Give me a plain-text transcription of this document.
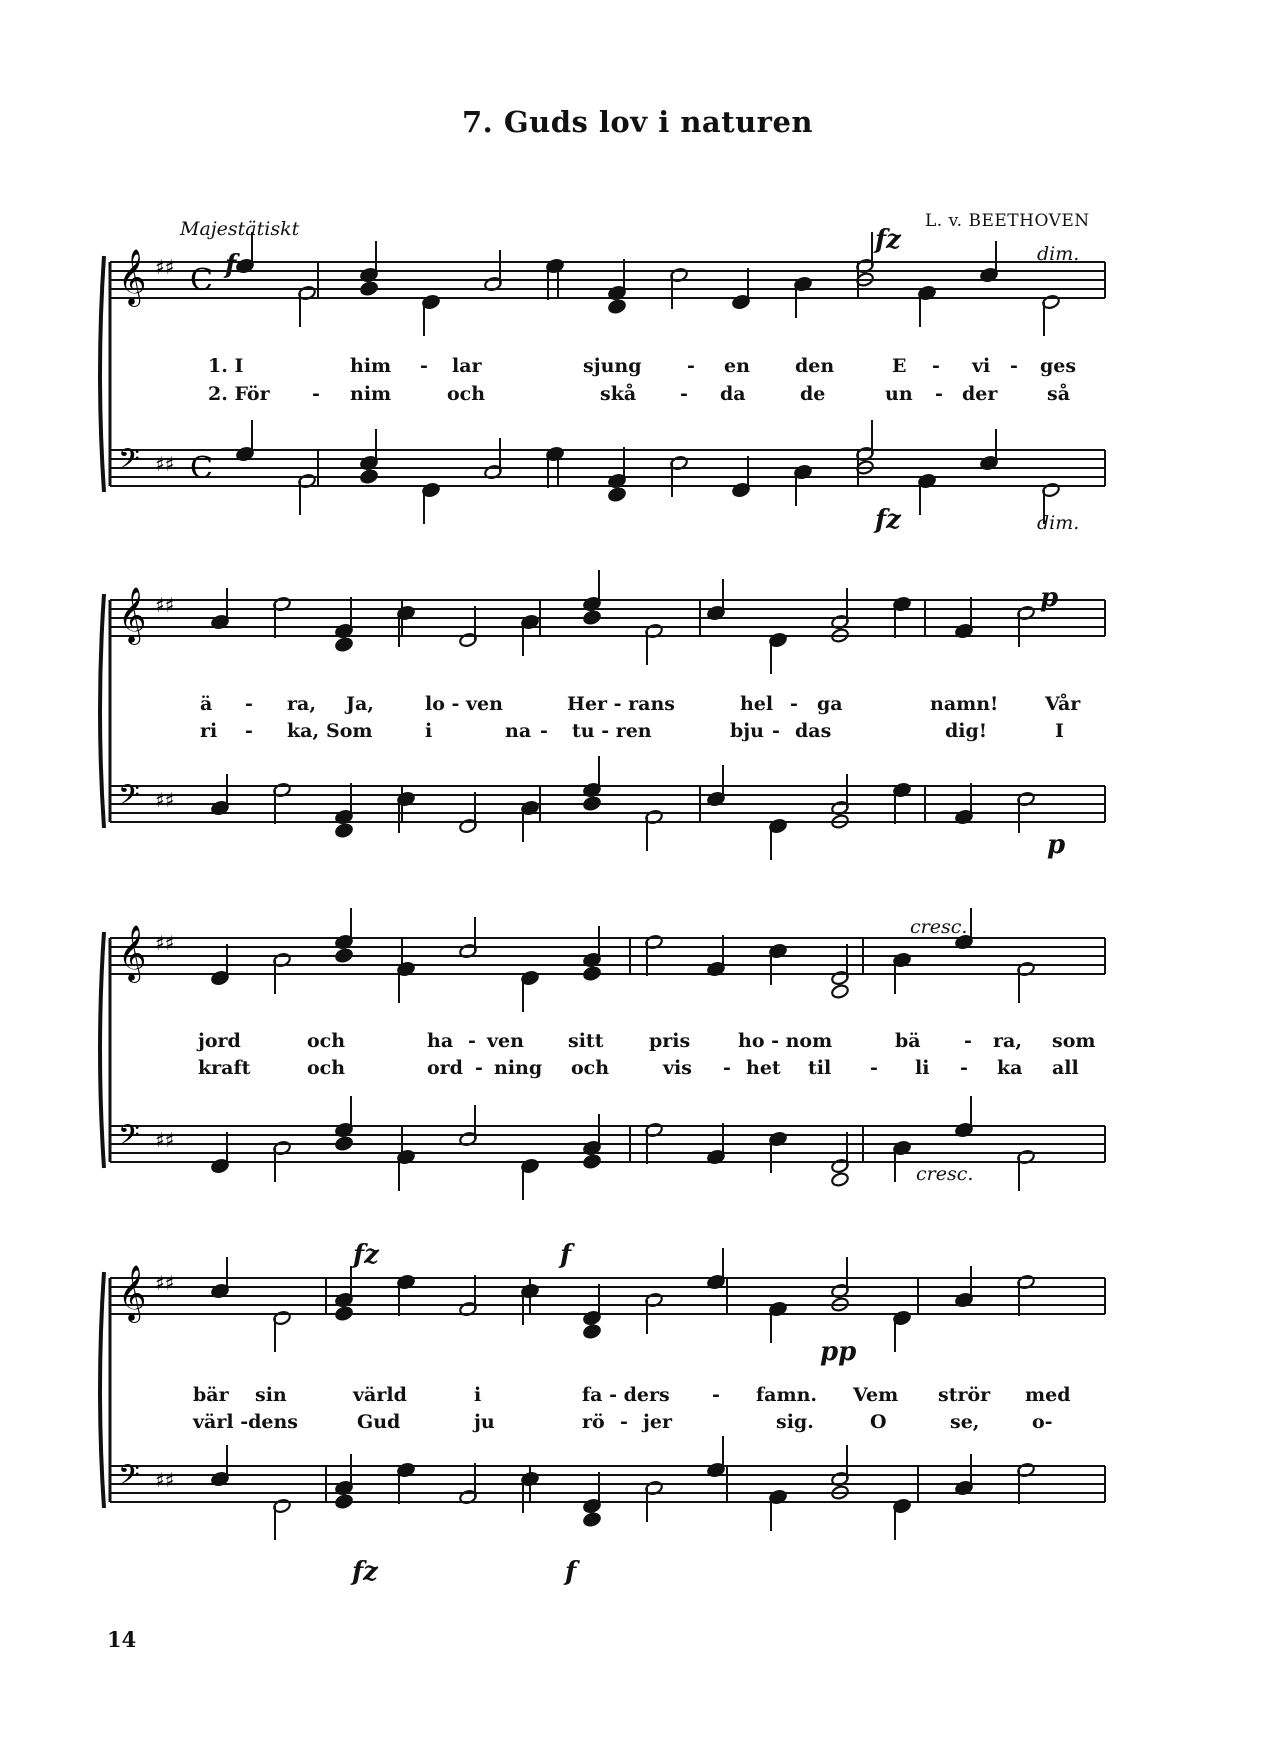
7. Guds lov i naturen
Majestätiskt	L. v. BEETHOVEN
14
𝄞 ♯♯ C
𝄢 ♯♯ C
𝄞 ♯♯
𝄢 ♯♯
𝄞 ♯♯
𝄢 ♯♯
𝄞 ♯♯
𝄢 ♯♯
1. I	him - lar	sjung - en den	E - vi - ges
2. För - nim	och	skå - da	de	un - der	så
f
fz	dim.
fz	dim.
ä - ra, Ja,	lo - ven	Her - rans	hel - ga	namn! Vår
ri - ka, Som	i	na - tu - ren	bju - das	dig!	I
p
p
jord	och	ha - ven sitt pris	ho - nom	bä - ra, som
kraft	och	ord - ning och	vis - het til - li - ka all
cresc.
cresc.
bär sin	värld	i	fa - ders - famn. Vem strör med
värl -dens	Gud	ju	rö - jer	sig.	O	se,	o-
fz	f
pp
fz	f
